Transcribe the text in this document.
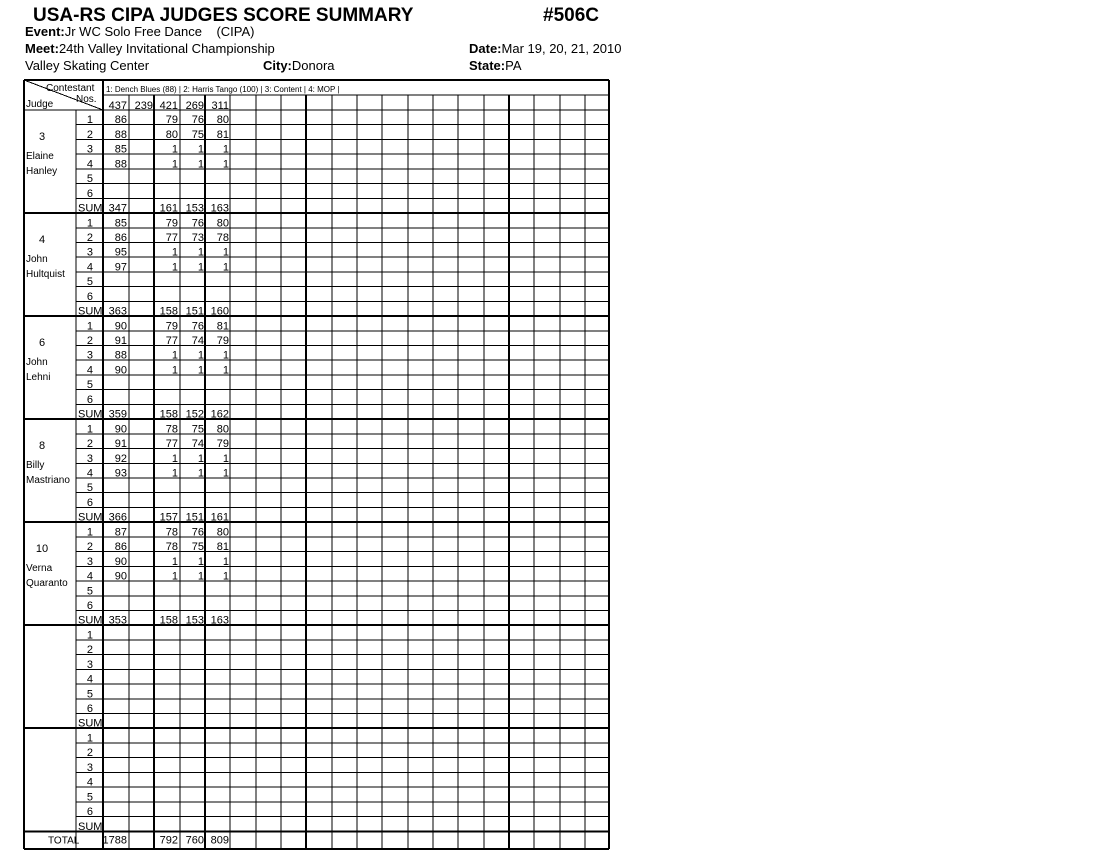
USA-RS CIPA JUDGES SCORE SUMMARY	#506C
Event:Jr WC Solo Free Dance    (CIPA)
Meet:24th Valley Invitational Championship	Date:Mar 19, 20, 21, 2010
Valley Skating Center	City:Donora	State:PA
Contestant
Nos.
Judge
1: Dench Blues (88) | 2: Harris Tango (100) | 3: Content | 4: MOP |
437 239 421 269 311
3
Elaine
Hanley
1 86	79 76 80
2 88	80 75 81
3 85	1 1 1
4 88	1 1 1
5
6
SUM 347	161 153 163
4
John
Hultquist
1 85	79 76 80
2 86	77 73 78
3 95	1 1 1
4 97	1 1 1
5
6
SUM 363	158 151 160
6
John
Lehni
1 90	79 76 81
2 91	77 74 79
3 88	1 1 1
4 90	1 1 1
5
6
SUM 359	158 152 162
8
Billy
Mastriano
1 90	78 75 80
2 91	77 74 79
3 92	1 1 1
4 93	1 1 1
5
6
SUM 366	157 151 161
10
Verna
Quaranto
1 87	78 76 80
2 86	78 75 81
3 90	1 1 1
4 90	1 1 1
5
6
SUM 353	158 153 163
1
2
3
4
5
6
SUM
1
2
3
4
5
6
SUM
TOTAL 1788	792 760 809
